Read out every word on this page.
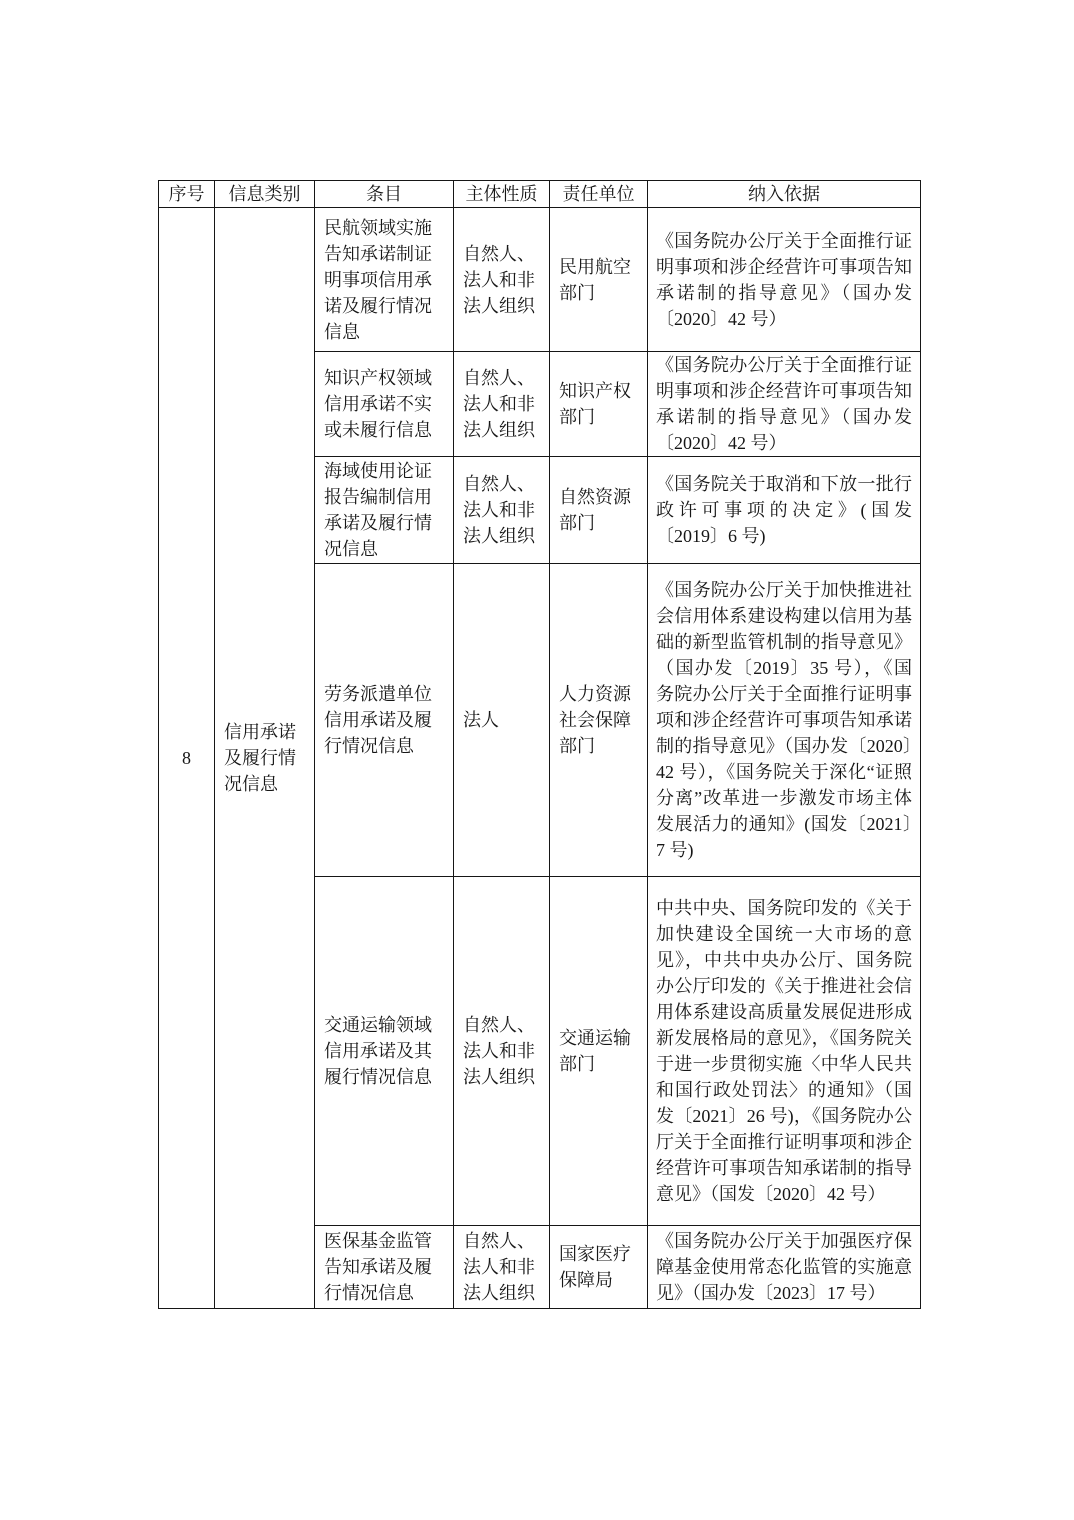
序号	信息类别	条目	主体性质	责任单位	纳入依据
8	信用承诺及履行情况信息	民航领域实施告知承诺制证明事项信用承诺及履行情况信息	自然人、法人和非法人组织	民用航空部门	《国务院办公厅关于全面推行证明事项和涉企经营许可事项告知承诺制的指导意见》（国办发〔2020〕42 号）

		知识产权领域信用承诺不实或未履行信息	自然人、法人和非法人组织	知识产权部门	《国务院办公厅关于全面推行证明事项和涉企经营许可事项告知承诺制的指导意见》（国办发〔2020〕42 号）

		海域使用论证报告编制信用承诺及履行情况信息	自然人、法人和非法人组织	自然资源部门	《国务院关于取消和下放一批行政许可事项的决定》(国发〔2019〕6 号)

		劳务派遣单位信用承诺及履行情况信息	法人	人力资源社会保障部门	《国务院办公厅关于加快推进社会信用体系建设构建以信用为基础的新型监管机制的指导意见》（国办发〔2019〕35 号），《国务院办公厅关于全面推行证明事项和涉企经营许可事项告知承诺制的指导意见》（国办发〔2020〕42 号），《国务院关于深化“证照分离”改革进一步激发市场主体发展活力的通知》(国发〔2021〕7 号)

		交通运输领域信用承诺及其履行情况信息	自然人、法人和非法人组织	交通运输部门	中共中央、国务院印发的《关于加快建设全国统一大市场的意见》，中共中央办公厅、国务院办公厅印发的《关于推进社会信用体系建设高质量发展促进形成新发展格局的意见》，《国务院关于进一步贯彻实施〈中华人民共和国行政处罚法〉的通知》（国发〔2021〕26 号)，《国务院办公厅关于全面推行证明事项和涉企经营许可事项告知承诺制的指导意见》（国发〔2020〕42 号）

		医保基金监管告知承诺及履行情况信息	自然人、法人和非法人组织	国家医疗保障局	《国务院办公厅关于加强医疗保障基金使用常态化监管的实施意见》（国办发〔2023〕17 号）
